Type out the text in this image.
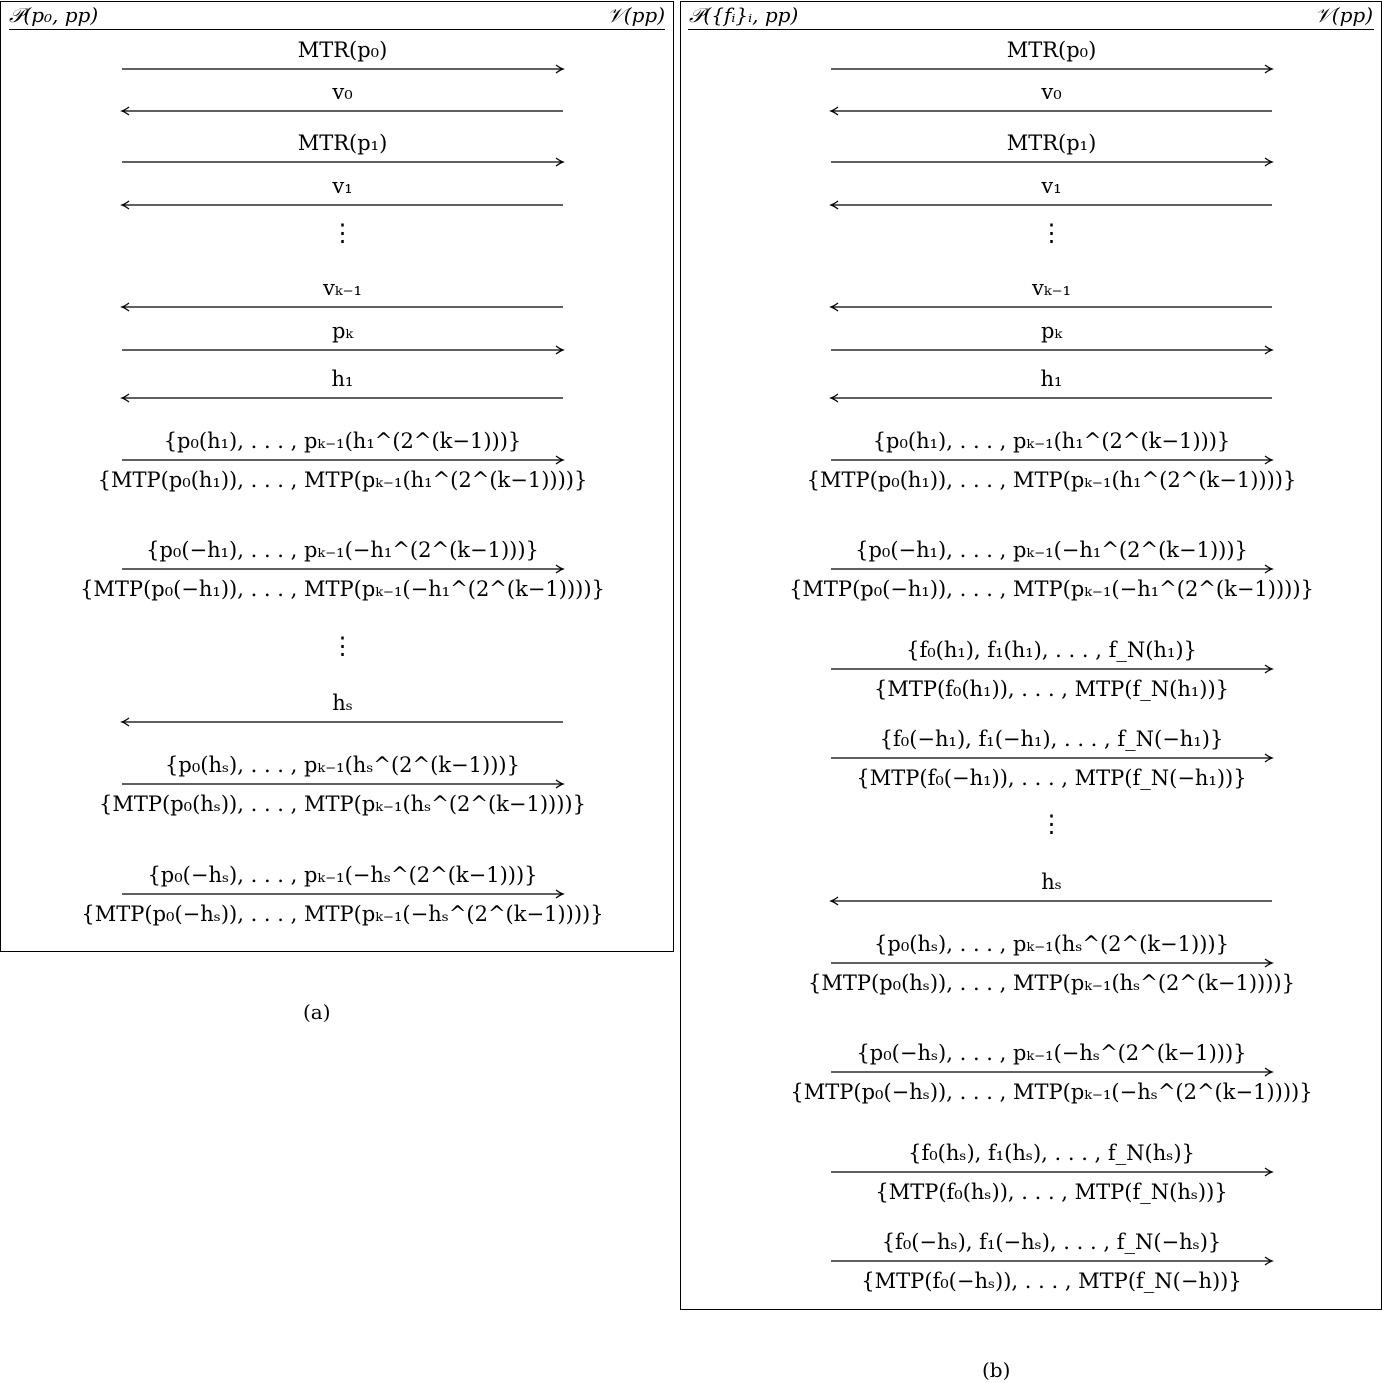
𝒫(p₀, pp)	𝒱(pp)
MTR(p₀)
v₀
MTR(p₁)
v₁
⋮
vₖ₋₁
pₖ
h₁
{p₀(h₁), . . . , pₖ₋₁(h₁^(2^(k−1)))}
{MTP(p₀(h₁)), . . . , MTP(pₖ₋₁(h₁^(2^(k−1))))}
{p₀(−h₁), . . . , pₖ₋₁(−h₁^(2^(k−1)))}
{MTP(p₀(−h₁)), . . . , MTP(pₖ₋₁(−h₁^(2^(k−1))))}
⋮
hₛ
{p₀(hₛ), . . . , pₖ₋₁(hₛ^(2^(k−1)))}
{MTP(p₀(hₛ)), . . . , MTP(pₖ₋₁(hₛ^(2^(k−1))))}
{p₀(−hₛ), . . . , pₖ₋₁(−hₛ^(2^(k−1)))}
{MTP(p₀(−hₛ)), . . . , MTP(pₖ₋₁(−hₛ^(2^(k−1))))}
𝒫({fᵢ}ᵢ, pp)	𝒱(pp)
MTR(p₀)
v₀
MTR(p₁)
v₁
⋮
vₖ₋₁
pₖ
h₁
{p₀(h₁), . . . , pₖ₋₁(h₁^(2^(k−1)))}
{MTP(p₀(h₁)), . . . , MTP(pₖ₋₁(h₁^(2^(k−1))))}
{p₀(−h₁), . . . , pₖ₋₁(−h₁^(2^(k−1)))}
{MTP(p₀(−h₁)), . . . , MTP(pₖ₋₁(−h₁^(2^(k−1))))}
{f₀(h₁), f₁(h₁), . . . , f_N(h₁)}
{MTP(f₀(h₁)), . . . , MTP(f_N(h₁))}
{f₀(−h₁), f₁(−h₁), . . . , f_N(−h₁)}
{MTP(f₀(−h₁)), . . . , MTP(f_N(−h₁))}
⋮
hₛ
{p₀(hₛ), . . . , pₖ₋₁(hₛ^(2^(k−1)))}
{MTP(p₀(hₛ)), . . . , MTP(pₖ₋₁(hₛ^(2^(k−1))))}
{p₀(−hₛ), . . . , pₖ₋₁(−hₛ^(2^(k−1)))}
{MTP(p₀(−hₛ)), . . . , MTP(pₖ₋₁(−hₛ^(2^(k−1))))}
{f₀(hₛ), f₁(hₛ), . . . , f_N(hₛ)}
{MTP(f₀(hₛ)), . . . , MTP(f_N(hₛ))}
{f₀(−hₛ), f₁(−hₛ), . . . , f_N(−hₛ)}
{MTP(f₀(−hₛ)), . . . , MTP(f_N(−h))}
(a)
(b)
